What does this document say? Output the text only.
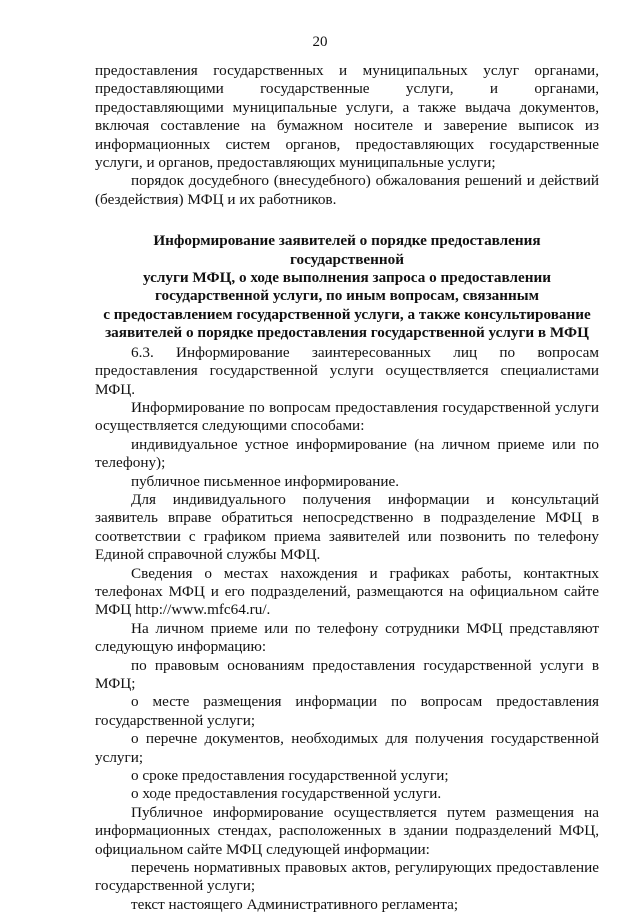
20

предоставления государственных и муниципальных услуг органами, предоставляющими государственные услуги, и органами, предоставляющими муниципальные услуги, а также выдача документов, включая составление на бумажном носителе и заверение выписок из информационных систем органов, предоставляющих государственные услуги, и органов, предоставляющих муниципальные услуги;

порядок досудебного (внесудебного) обжалования решений и действий (бездействия) МФЦ и их работников.

Информирование заявителей о порядке предоставления государственной
услуги МФЦ, о ходе выполнения запроса о предоставлении
государственной услуги, по иным вопросам, связанным
с предоставлением государственной услуги, а также консультирование
заявителей о порядке предоставления государственной услуги в МФЦ

6.3. Информирование заинтересованных лиц по вопросам предоставления государственной услуги осуществляется специалистами МФЦ.

Информирование по вопросам предоставления государственной услуги осуществляется следующими способами:

индивидуальное устное информирование (на личном приеме или по телефону);

публичное письменное информирование.

Для индивидуального получения информации и консультаций заявитель вправе обратиться непосредственно в подразделение МФЦ в соответствии с графиком приема заявителей или позвонить по телефону Единой справочной службы МФЦ.

Сведения о местах нахождения и графиках работы, контактных телефонах МФЦ и его подразделений, размещаются на официальном сайте МФЦ http://www.mfc64.ru/.

На личном приеме или по телефону сотрудники МФЦ представляют следующую информацию:

по правовым основаниям предоставления государственной услуги в МФЦ;

о месте размещения информации по вопросам предоставления государственной услуги;

о перечне документов, необходимых для получения государственной услуги;

о сроке предоставления государственной услуги;

о ходе предоставления государственной услуги.

Публичное информирование осуществляется путем размещения на информационных стендах, расположенных в здании подразделений МФЦ, официальном сайте МФЦ следующей информации:

перечень нормативных правовых актов, регулирующих предоставление государственной услуги;

текст настоящего Административного регламента;
